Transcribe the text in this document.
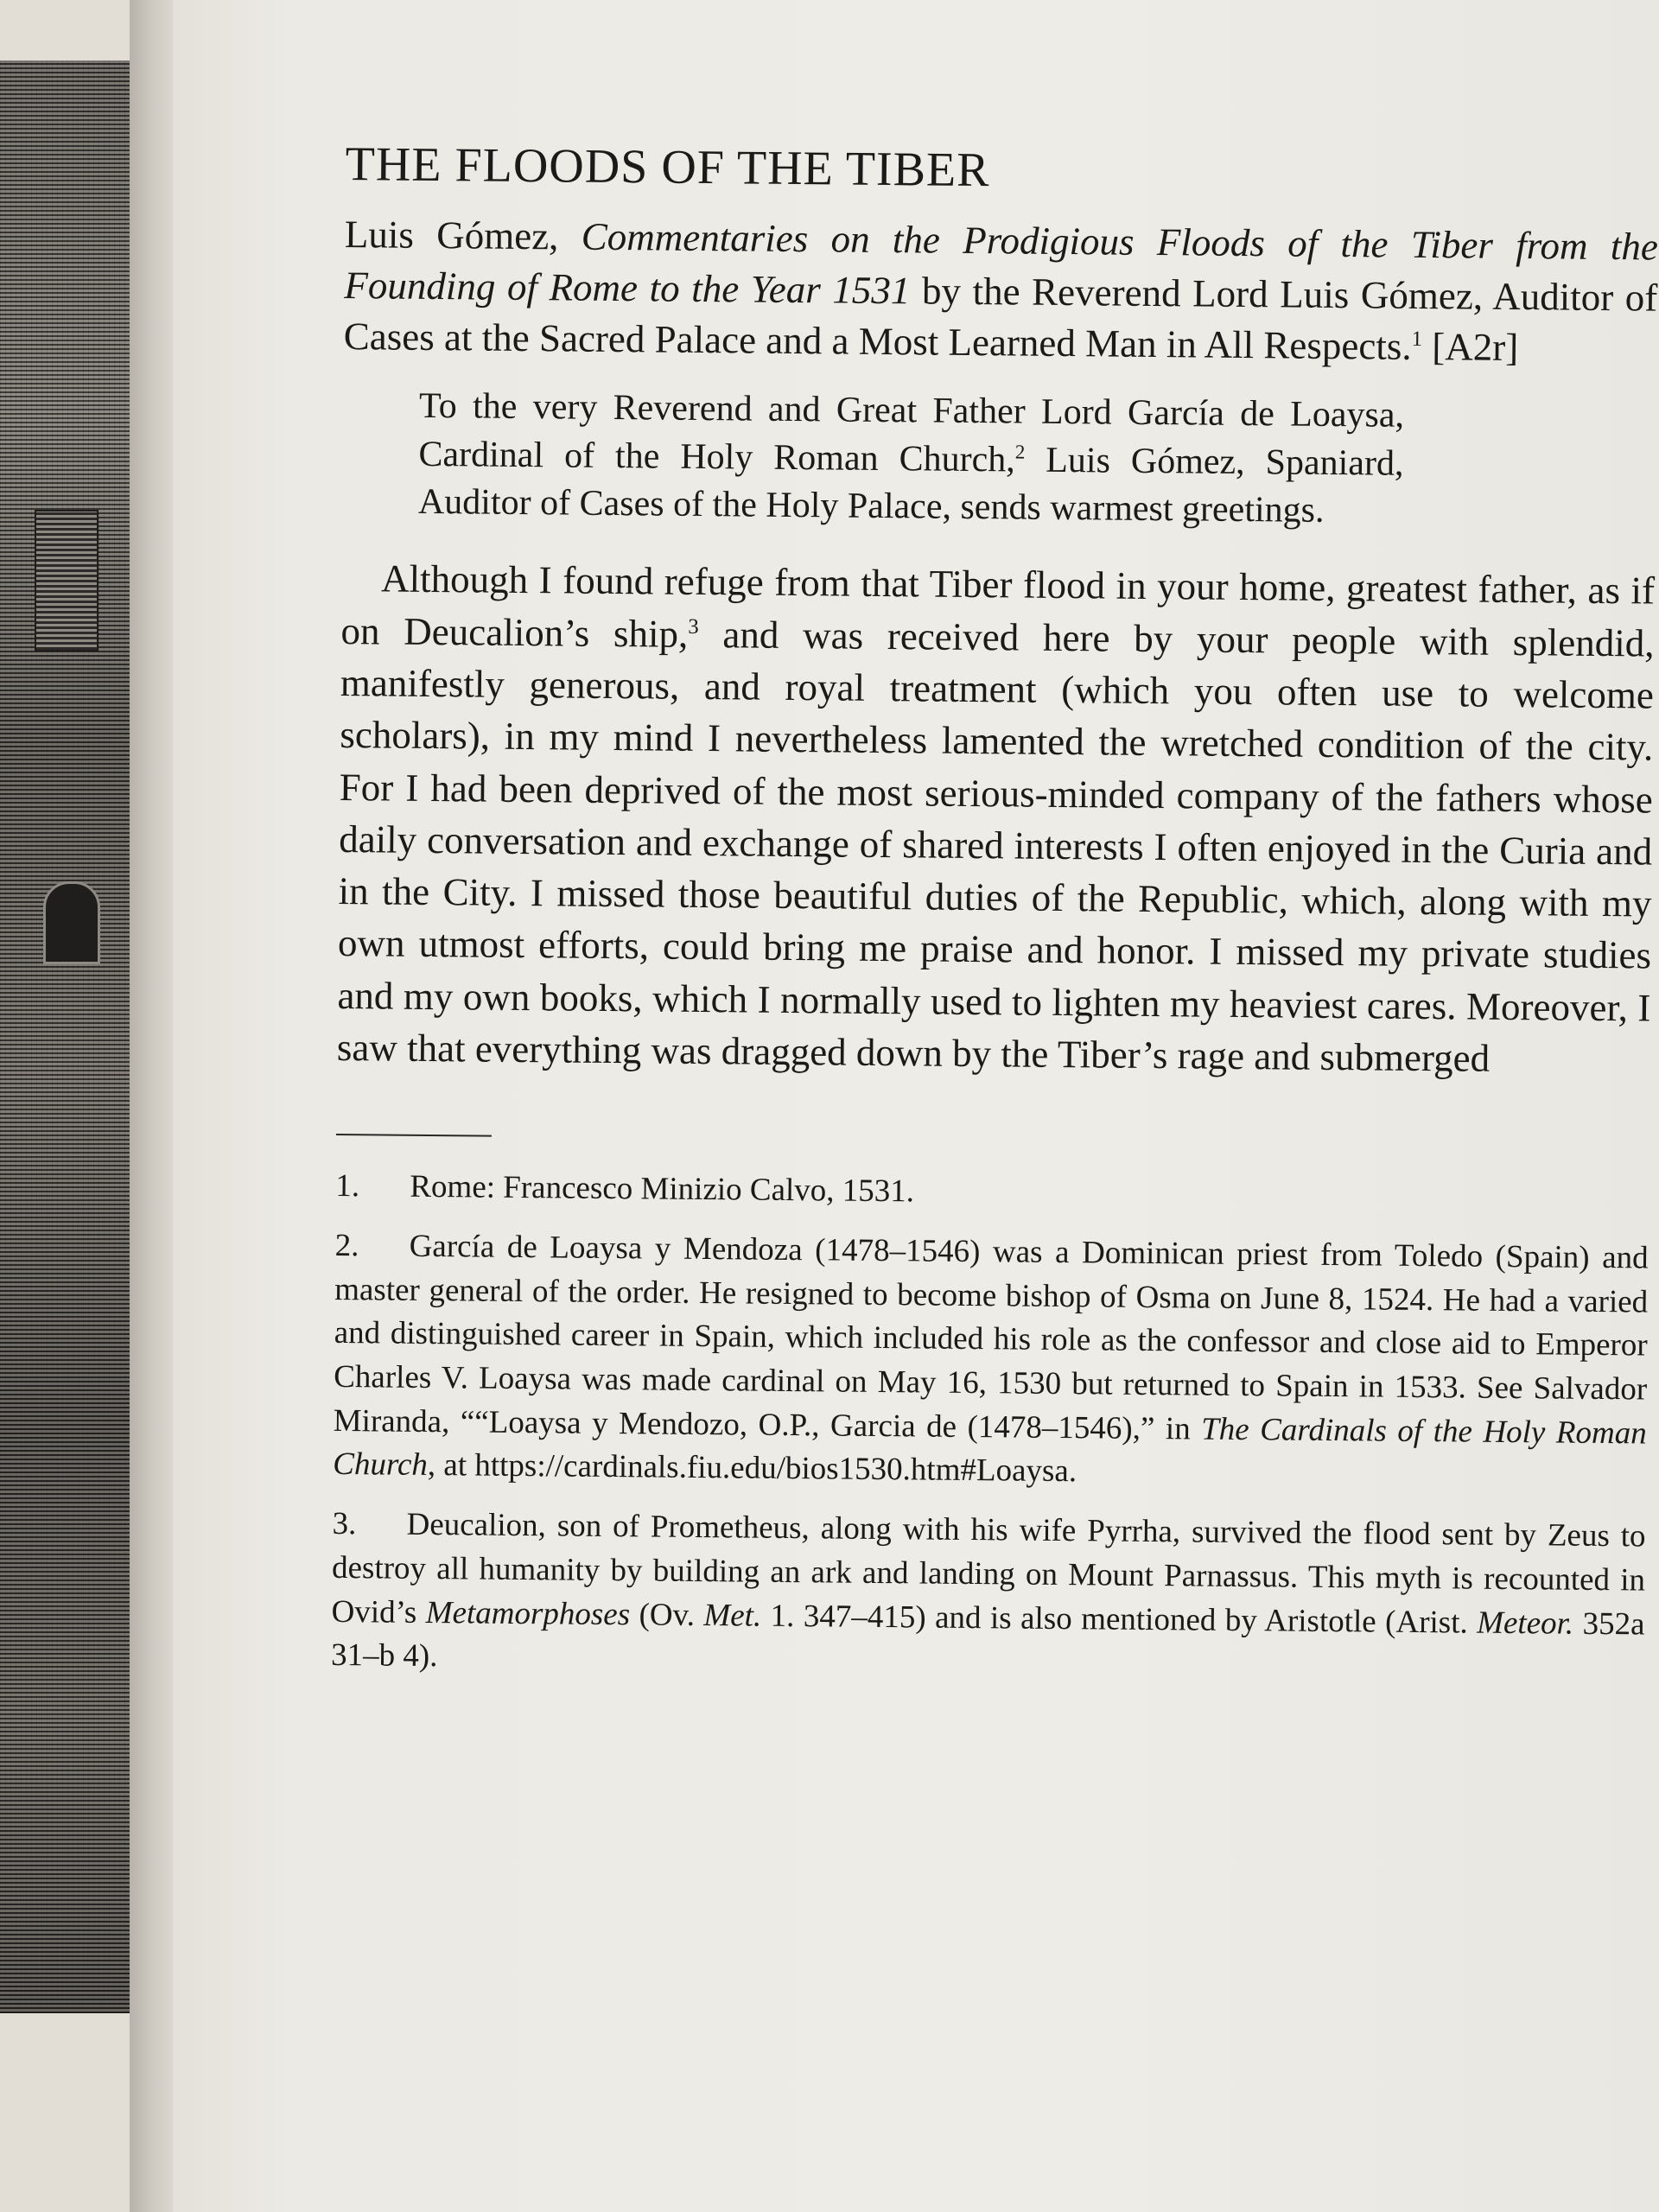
THE FLOODS OF THE TIBER

Luis Gómez, Commentaries on the Prodigious Floods of the Tiber from the Founding of Rome to the Year 1531 by the Reverend Lord Luis Gómez, Auditor of Cases at the Sacred Palace and a Most Learned Man in All Respects.$^1$ [A2r]

To the very Reverend and Great Father Lord García de Loaysa, Cardinal of the Holy Roman Church,$^2$ Luis Gómez, Spaniard, Auditor of Cases of the Holy Palace, sends warmest greetings.

Although I found refuge from that Tiber flood in your home, greatest father, as if on Deucalion’s ship,$^3$ and was received here by your people with splendid, manifestly generous, and royal treatment (which you often use to welcome scholars), in my mind I nevertheless lamented the wretched condition of the city. For I had been deprived of the most serious-minded company of the fathers whose daily conversation and exchange of shared interests I often enjoyed in the Curia and in the City. I missed those beautiful duties of the Republic, which, along with my own utmost efforts, could bring me praise and honor. I missed my private studies and my own books, which I normally used to lighten my heaviest cares. Moreover, I saw that everything was dragged down by the Tiber’s rage and submerged

1. Rome: Francesco Minizio Calvo, 1531.

2. García de Loaysa y Mendoza (1478–1546) was a Dominican priest from Toledo (Spain) and master general of the order. He resigned to become bishop of Osma on June 8, 1524. He had a varied and distinguished career in Spain, which included his role as the confessor and close aid to Emperor Charles V. Loaysa was made cardinal on May 16, 1530 but returned to Spain in 1533. See Salvador Miranda, ““Loaysa y Mendozo, O.P., Garcia de (1478–1546),” in The Cardinals of the Holy Roman Church, at https://cardinals.fiu.edu/bios1530.htm#Loaysa.

3. Deucalion, son of Prometheus, along with his wife Pyrrha, survived the flood sent by Zeus to destroy all humanity by building an ark and landing on Mount Parnassus. This myth is recounted in Ovid’s Metamorphoses (Ov. Met. 1. 347–415) and is also mentioned by Aristotle (Arist. Meteor. 352a 31–b 4).
